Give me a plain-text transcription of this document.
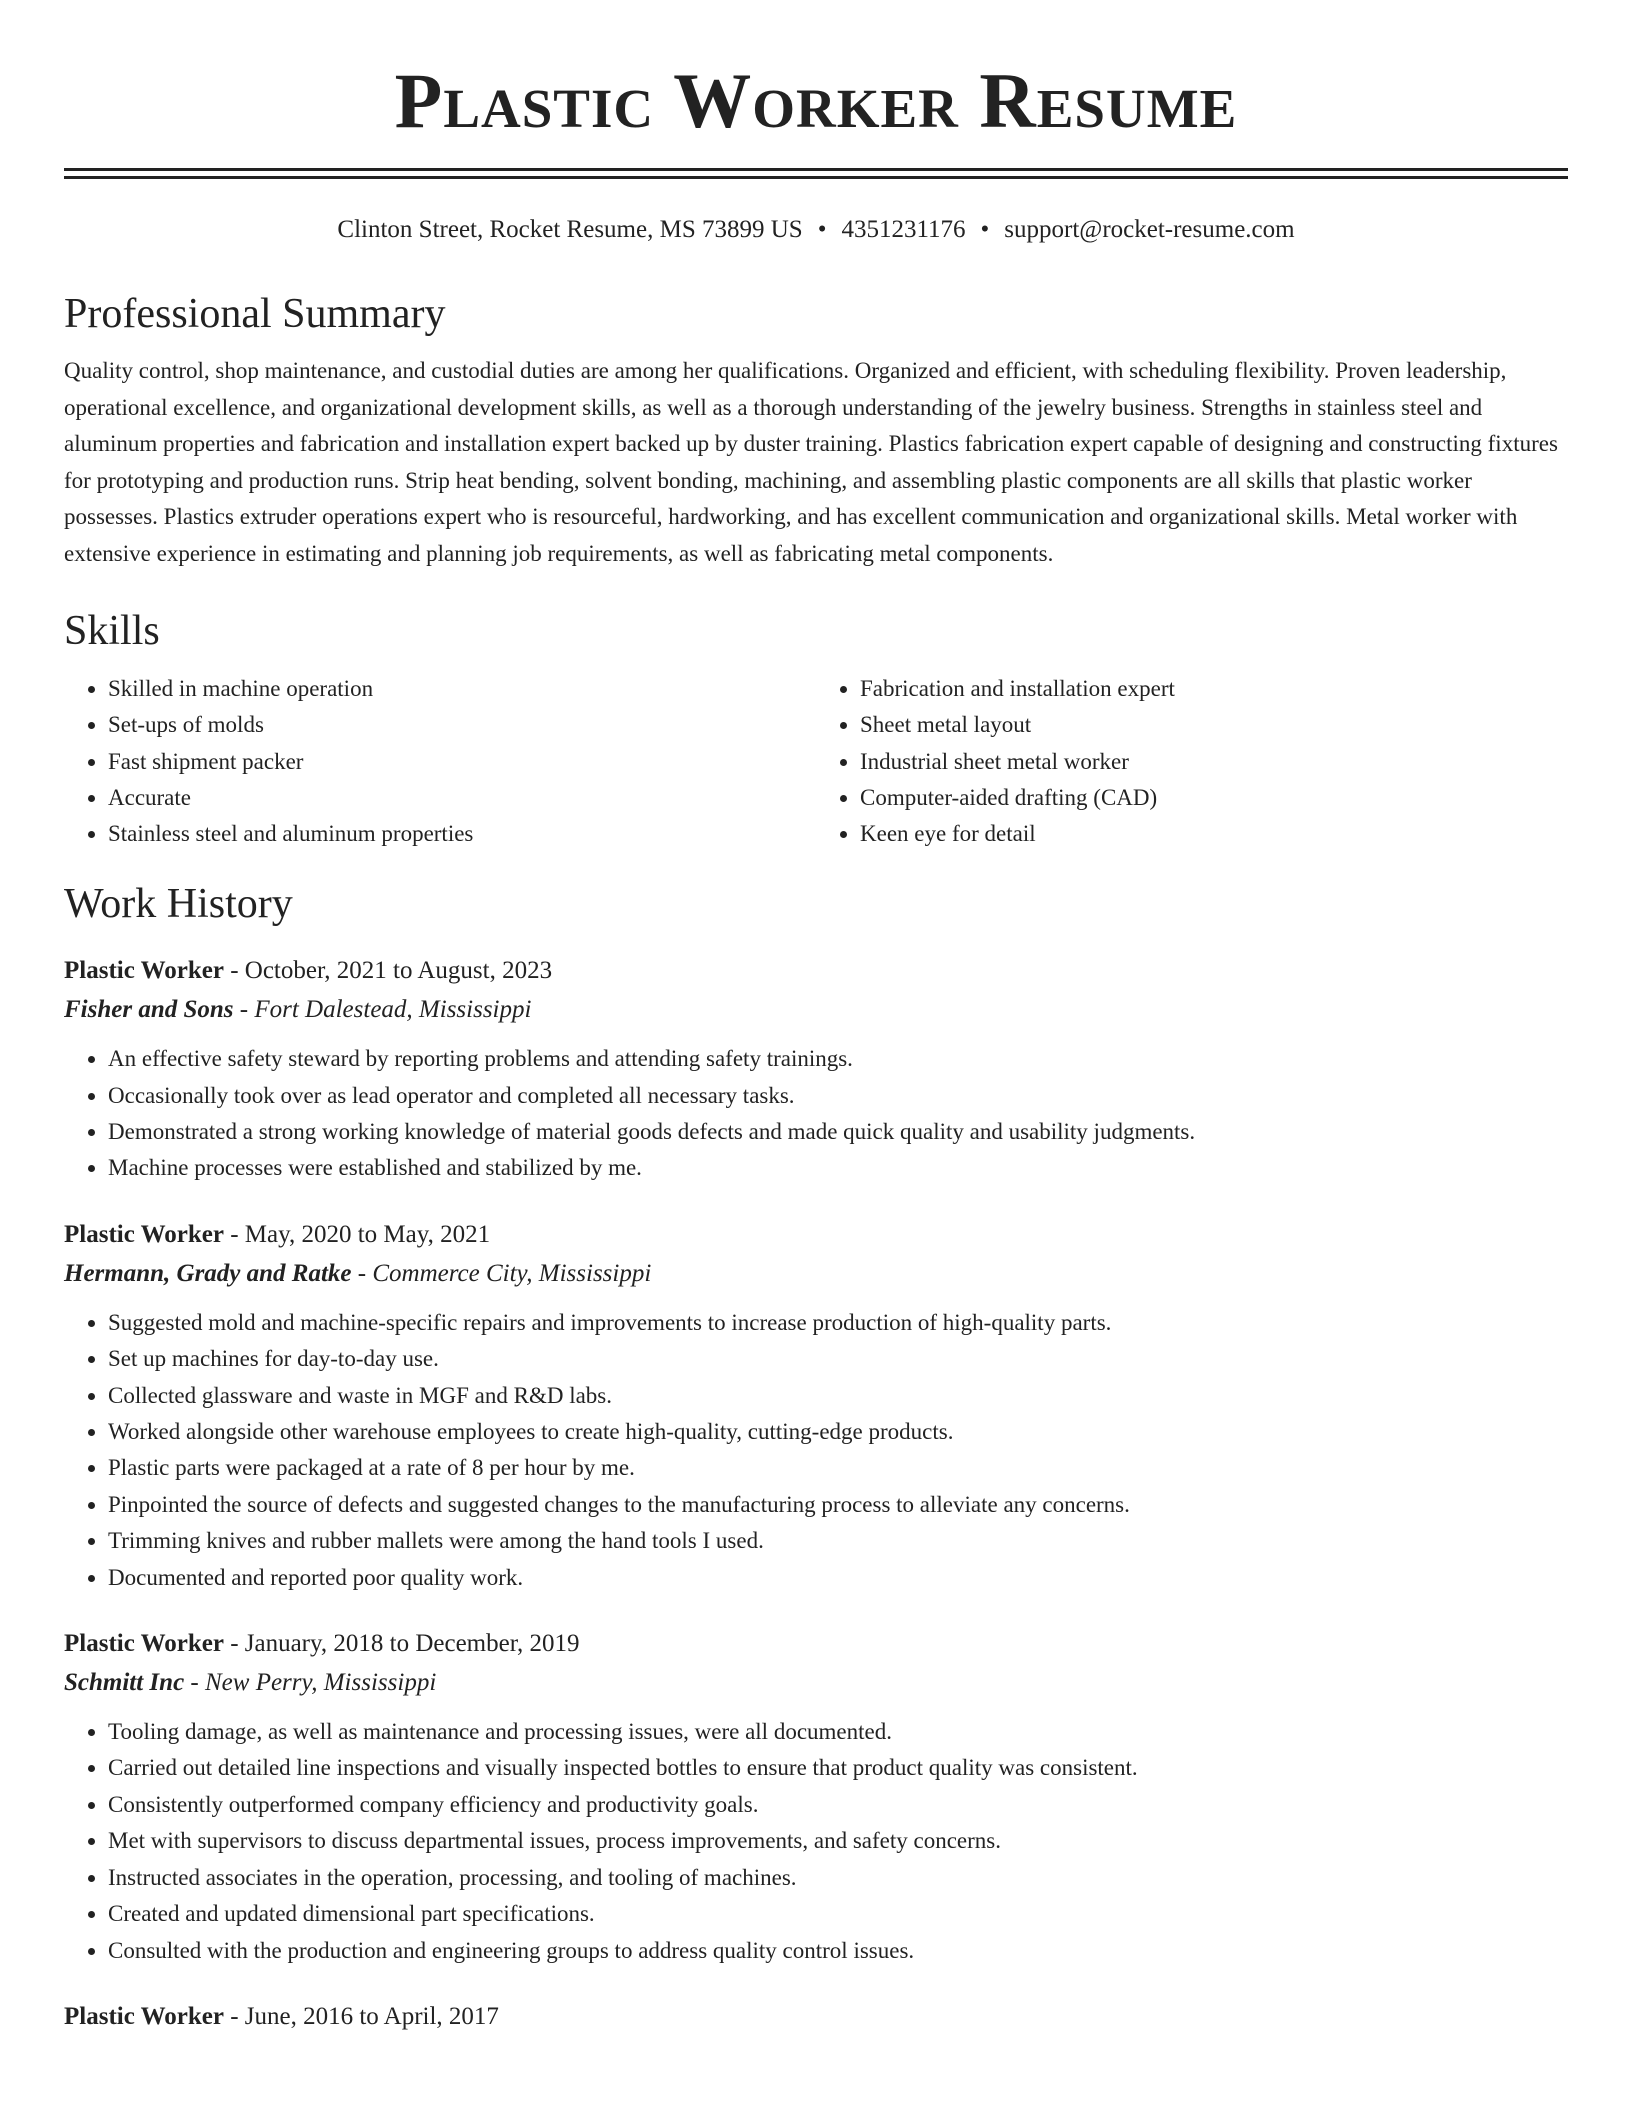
Plastic Worker Resume
Clinton Street, Rocket Resume, MS 73899 US • 4351231176 • support@rocket-resume.com
Professional Summary

Quality control, shop maintenance, and custodial duties are among her qualifications. Organized and efficient, with scheduling flexibility. Proven leadership, operational excellence, and organizational development skills, as well as a thorough understanding of the jewelry business. Strengths in stainless steel and aluminum properties and fabrication and installation expert backed up by duster training. Plastics fabrication expert capable of designing and constructing fixtures for prototyping and production runs. Strip heat bending, solvent bonding, machining, and assembling plastic components are all skills that plastic worker possesses. Plastics extruder operations expert who is resourceful, hardworking, and has excellent communication and organizational skills. Metal worker with extensive experience in estimating and planning job requirements, as well as fabricating metal components.

Skills
• Skilled in machine operation
• Set-ups of molds
• Fast shipment packer
• Accurate
• Stainless steel and aluminum properties
• Fabrication and installation expert
• Sheet metal layout
• Industrial sheet metal worker
• Computer-aided drafting (CAD)
• Keen eye for detail
Work History
Plastic Worker - October, 2021 to August, 2023
Fisher and Sons - Fort Dalestead, Mississippi
• An effective safety steward by reporting problems and attending safety trainings.
• Occasionally took over as lead operator and completed all necessary tasks.
• Demonstrated a strong working knowledge of material goods defects and made quick quality and usability judgments.
• Machine processes were established and stabilized by me.
Plastic Worker - May, 2020 to May, 2021
Hermann, Grady and Ratke - Commerce City, Mississippi
• Suggested mold and machine-specific repairs and improvements to increase production of high-quality parts.
• Set up machines for day-to-day use.
• Collected glassware and waste in MGF and R&D labs.
• Worked alongside other warehouse employees to create high-quality, cutting-edge products.
• Plastic parts were packaged at a rate of 8 per hour by me.
• Pinpointed the source of defects and suggested changes to the manufacturing process to alleviate any concerns.
• Trimming knives and rubber mallets were among the hand tools I used.
• Documented and reported poor quality work.
Plastic Worker - January, 2018 to December, 2019
Schmitt Inc - New Perry, Mississippi
• Tooling damage, as well as maintenance and processing issues, were all documented.
• Carried out detailed line inspections and visually inspected bottles to ensure that product quality was consistent.
• Consistently outperformed company efficiency and productivity goals.
• Met with supervisors to discuss departmental issues, process improvements, and safety concerns.
• Instructed associates in the operation, processing, and tooling of machines.
• Created and updated dimensional part specifications.
• Consulted with the production and engineering groups to address quality control issues.
Plastic Worker - June, 2016 to April, 2017
